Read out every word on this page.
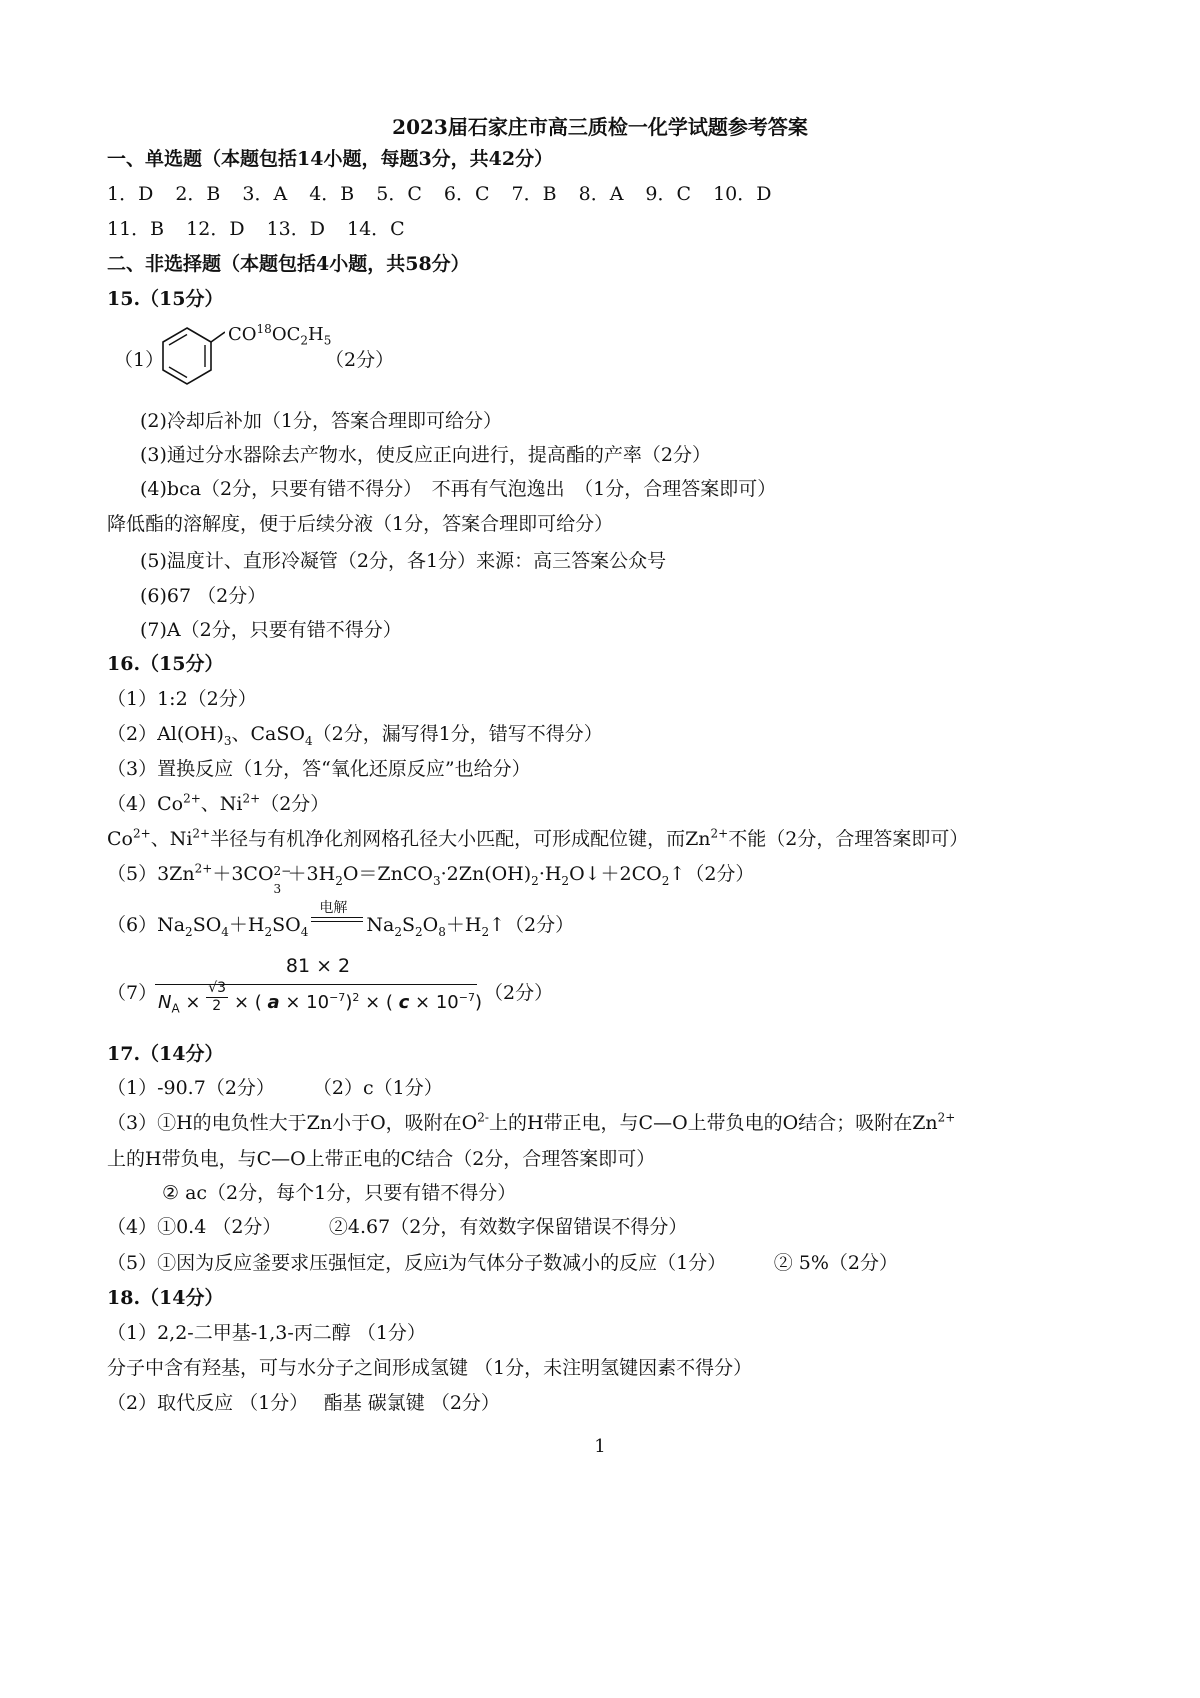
2023届石家庄市高三质检一化学试题参考答案
一、单选题（本题包括14小题，每题3分，共42分）
1．D 2．B 3．A 4．B 5．C 6．C 7．B 8．A 9．C 10．D
11．B 12．D 13．D 14．C
二、非选择题（本题包括4小题，共58分）
15.（15分）
（1）
$CO^{18}OC_2H_5$
（2分）
(2)冷却后补加（1分，答案合理即可给分）
(3)通过分水器除去产物水，使反应正向进行，提高酯的产率（2分）
(4)bca（2分，只要有错不得分）　不再有气泡逸出　（1分，合理答案即可）
降低酯的溶解度，便于后续分液（1分，答案合理即可给分）
(5)温度计、直形冷凝管（2分，各1分）来源：高三答案公众号
(6)67 （2分）
(7)A（2分，只要有错不得分）
16.（15分）
（1）1:2（2分）
$(2)Al(OH)_3$、CaSO$_4$（2分，漏写得1分，错写不得分）
（3）置换反应（1分，答“氧化还原反应”也给分）
$(4)Co^{2+}$、$Ni^{2+}(2$分）
$Co^{2+}$、$Ni^{2+}$半径与有机净化剂网格孔径大小匹配，可形成配位键，而$Zn^{2+}$不能（2分，合理答案即可）
$(5)3Zn^{2+}+3CO$ 2−
3
$+3H_2O=ZnCO_3\cdot 2Zn(OH)_2\cdot H_2O↓+2CO_2↑(2$分）
$(6)Na_2SO_4+H_2SO_4$
电解
$Na_2S_2O_8+H_2↑(2$分）
（7）
81 × 2
$N_A \times \frac{√3}{2}$ × ( $a \times 10^{-7})^2$ × ( $c \times 10^{-7}$) （2分）
17.（14分）
（1）-90.7（2分）　　　（2）c（1分）
（3）①H的电负性大于Zn小于O，吸附在$O^{2-}$上的H带正电，与C—O上带负电的O结合；吸附在$Zn^{2+}$
上的H带负电，与C—O上带正电的C结合（2分，合理答案即可）
② ac（2分，每个1分，只要有错不得分）
（4）①0.4 （2分）　　　②4.67（2分，有效数字保留错误不得分）
（5）①因为反应釜要求压强恒定，反应i为气体分子数减小的反应（1分）　　　② 5%（2分）
18.（14分）
（1）2,2-二甲基-1,3-丙二醇 （1分）
分子中含有羟基，可与水分子之间形成氢键 （1分，未注明氢键因素不得分）
（2）取代反应 （1分）　 酯基 碳氯键 （2分）
1
